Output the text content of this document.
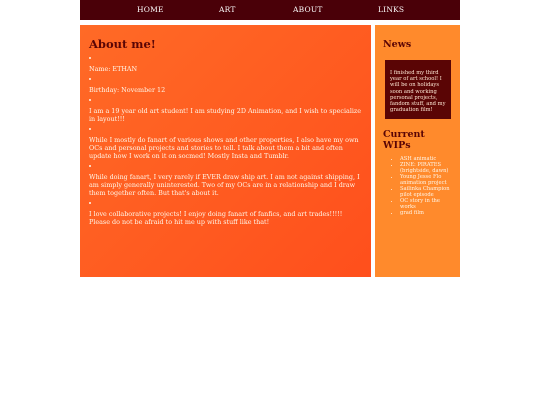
HOME	ART	ABOUT	LINKS
About me!

Name: ETHAN

Birthday: November 12

I am a 19 year old art student! I am studying 2D Animation, and I wish to specialize in layout!!!

While I mostly do fanart of various shows and other properties, I also have my own OCs and personal projects and stories to tell. I talk about them a bit and often update how I work on it on socmed! Mostly Insta and Tumblr.

While doing fanart, I very rarely if EVER draw ship art. I am not against shipping, I am simply generally uninterested. Two of my OCs are in a relationship and I draw them together often. But that's about it.

I love collaborative projects! I enjoy doing fanart of fanfics, and art trades!!!!! Please do not be afraid to hit me up with stuff like that!

News
I finished my third year of art school! I will be on holidays soon and working personal projects, fandom stuff, and my graduation film!
Current WIPs
• ASH animatic
• ZINE: PIRATES (brightside, dawn)
• Young Jesse Flo animation project
• Sailinka Champion pilot episode
• OC story in the works
• grad film
